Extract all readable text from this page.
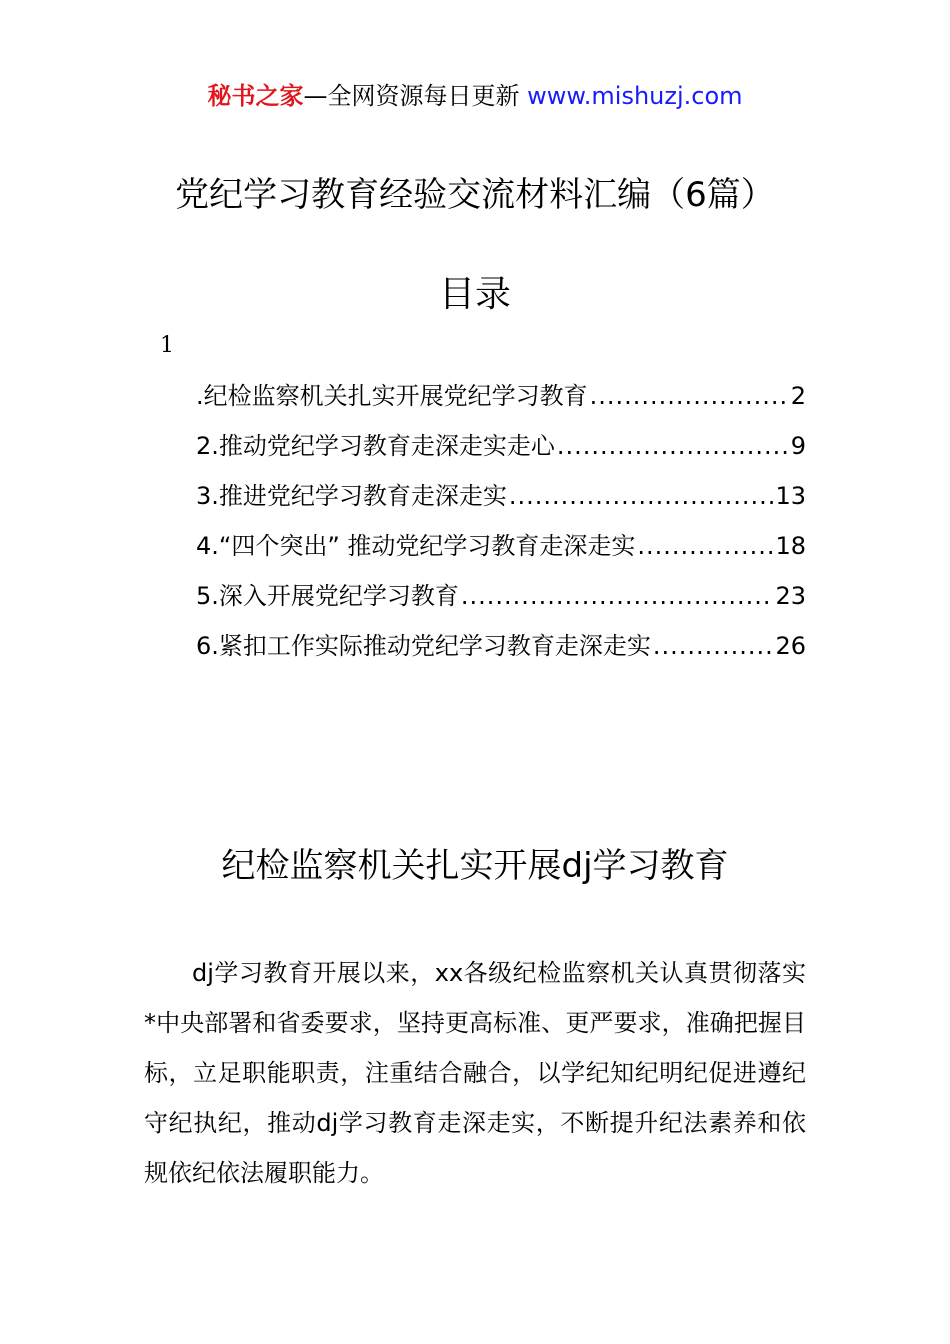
秘书之家—全网资源每日更新 www.mishuzj.com
党纪学习教育经验交流材料汇编（6篇）
目录
1
.纪检监察机关扎实开展党纪学习教育 .....	2
2.推动党纪学习教育走深走实走心 .....	9
3.推进党纪学习教育走深走实 .....	13
4.“四个突出” 推动党纪学习教育走深走实 .....	18
5.深入开展党纪学习教育 .....	23
6.紧扣工作实际推动党纪学习教育走深走实 .....	26
纪检监察机关扎实开展dj学习教育

dj学习教育开展以来，xx各级纪检监察机关认真贯彻落实*中央部署和省委要求，坚持更高标准、更严要求，准确把握目标，立足职能职责，注重结合融合，以学纪知纪明纪促进遵纪守纪执纪，推动dj学习教育走深走实，不断提升纪法素养和依规依纪依法履职能力。
